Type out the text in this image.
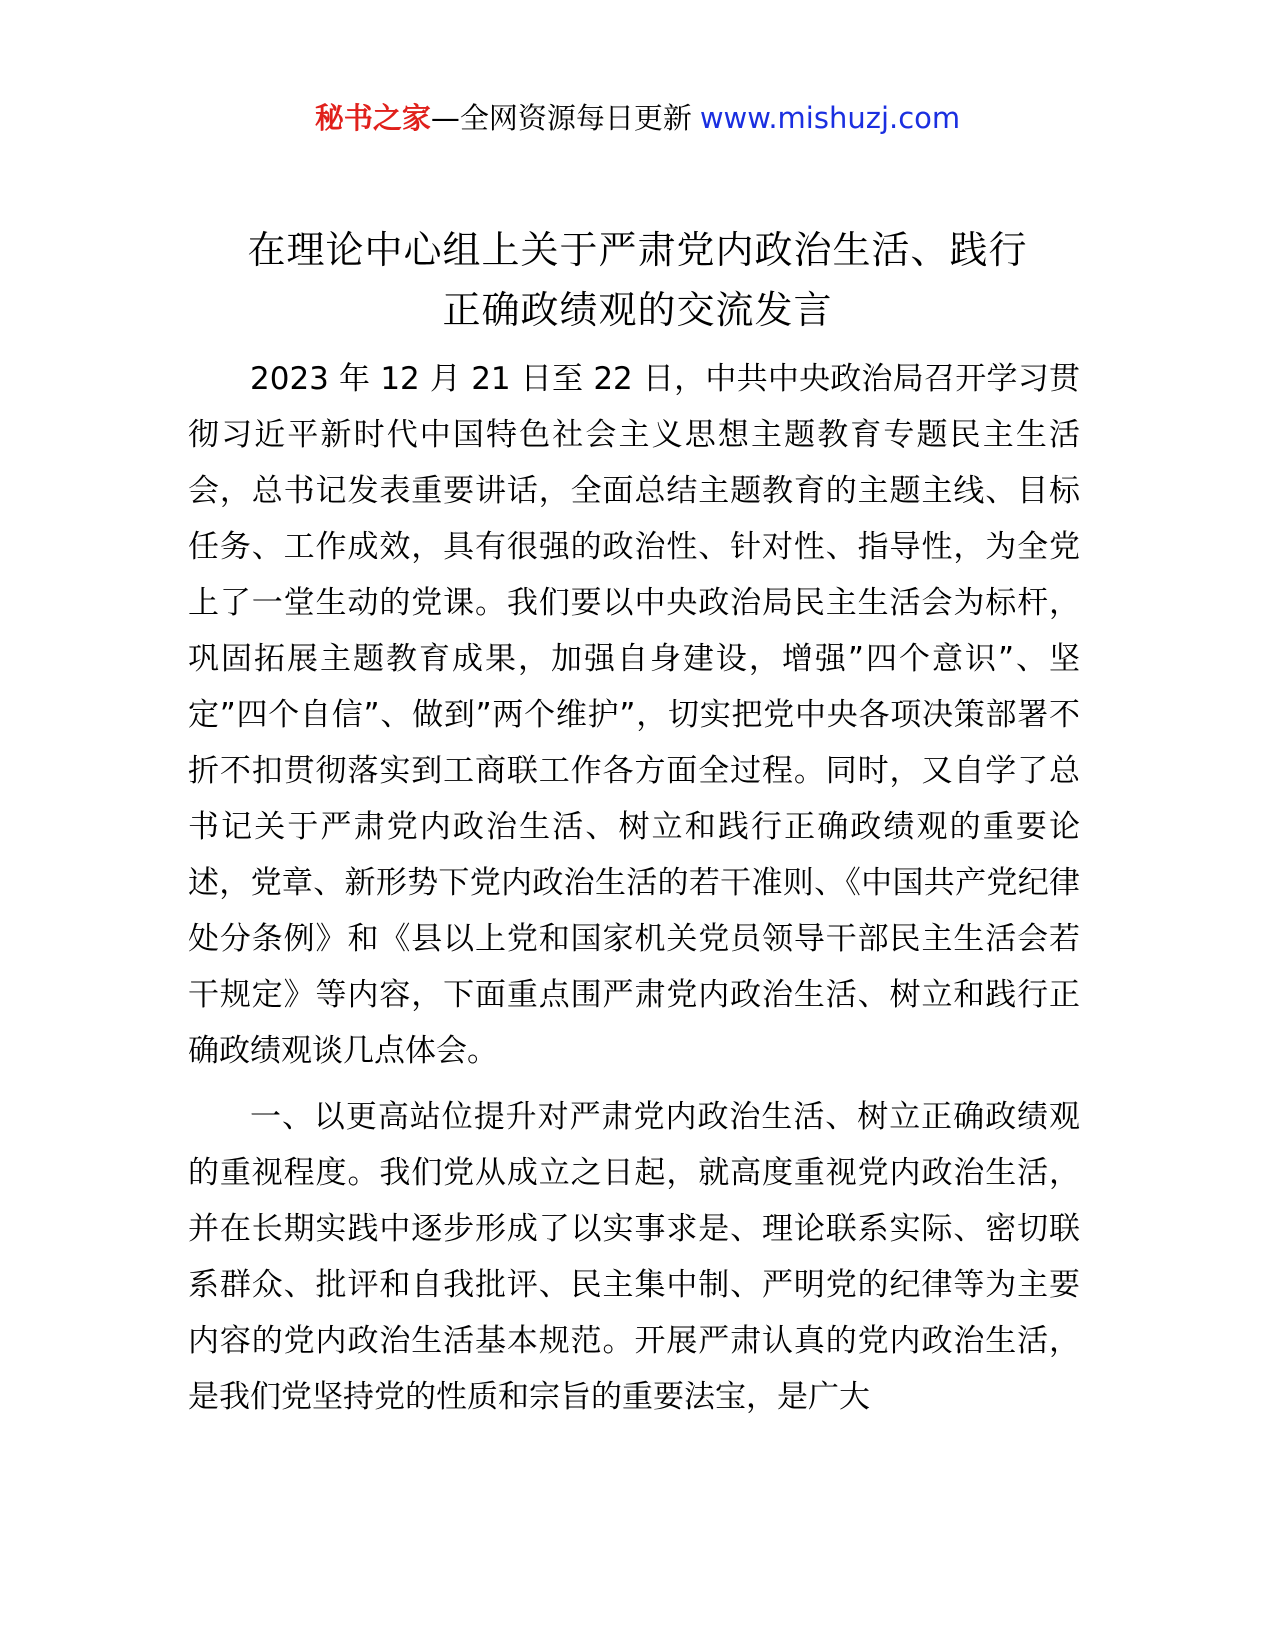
秘书之家—全网资源每日更新 www.mishuzj.com
在理论中心组上关于严肃党内政治生活、践行
正确政绩观的交流发言

2023 年 12 月 21 日至 22 日，中共中央政治局召开学习贯彻习近平新时代中国特色社会主义思想主题教育专题民主生活会，总书记发表重要讲话，全面总结主题教育的主题主线、目标任务、工作成效，具有很强的政治性、针对性、指导性，为全党上了一堂生动的党课。我们要以中央政治局民主生活会为标杆，巩固拓展主题教育成果，加强自身建设，增强”四个意识”、坚定”四个自信”、做到”两个维护”，切实把党中央各项决策部署不折不扣贯彻落实到工商联工作各方面全过程。同时，又自学了总书记关于严肃党内政治生活、树立和践行正确政绩观的重要论述，党章、新形势下党内政治生活的若干准则、《中国共产党纪律处分条例》和《县以上党和国家机关党员领导干部民主生活会若干规定》等内容，下面重点围严肃党内政治生活、树立和践行正确政绩观谈几点体会。

一、以更高站位提升对严肃党内政治生活、树立正确政绩观的重视程度。我们党从成立之日起，就高度重视党内政治生活，并在长期实践中逐步形成了以实事求是、理论联系实际、密切联系群众、批评和自我批评、民主集中制、严明党的纪律等为主要内容的党内政治生活基本规范。开展严肃认真的党内政治生活，是我们党坚持党的性质和宗旨的重要法宝，是广大
